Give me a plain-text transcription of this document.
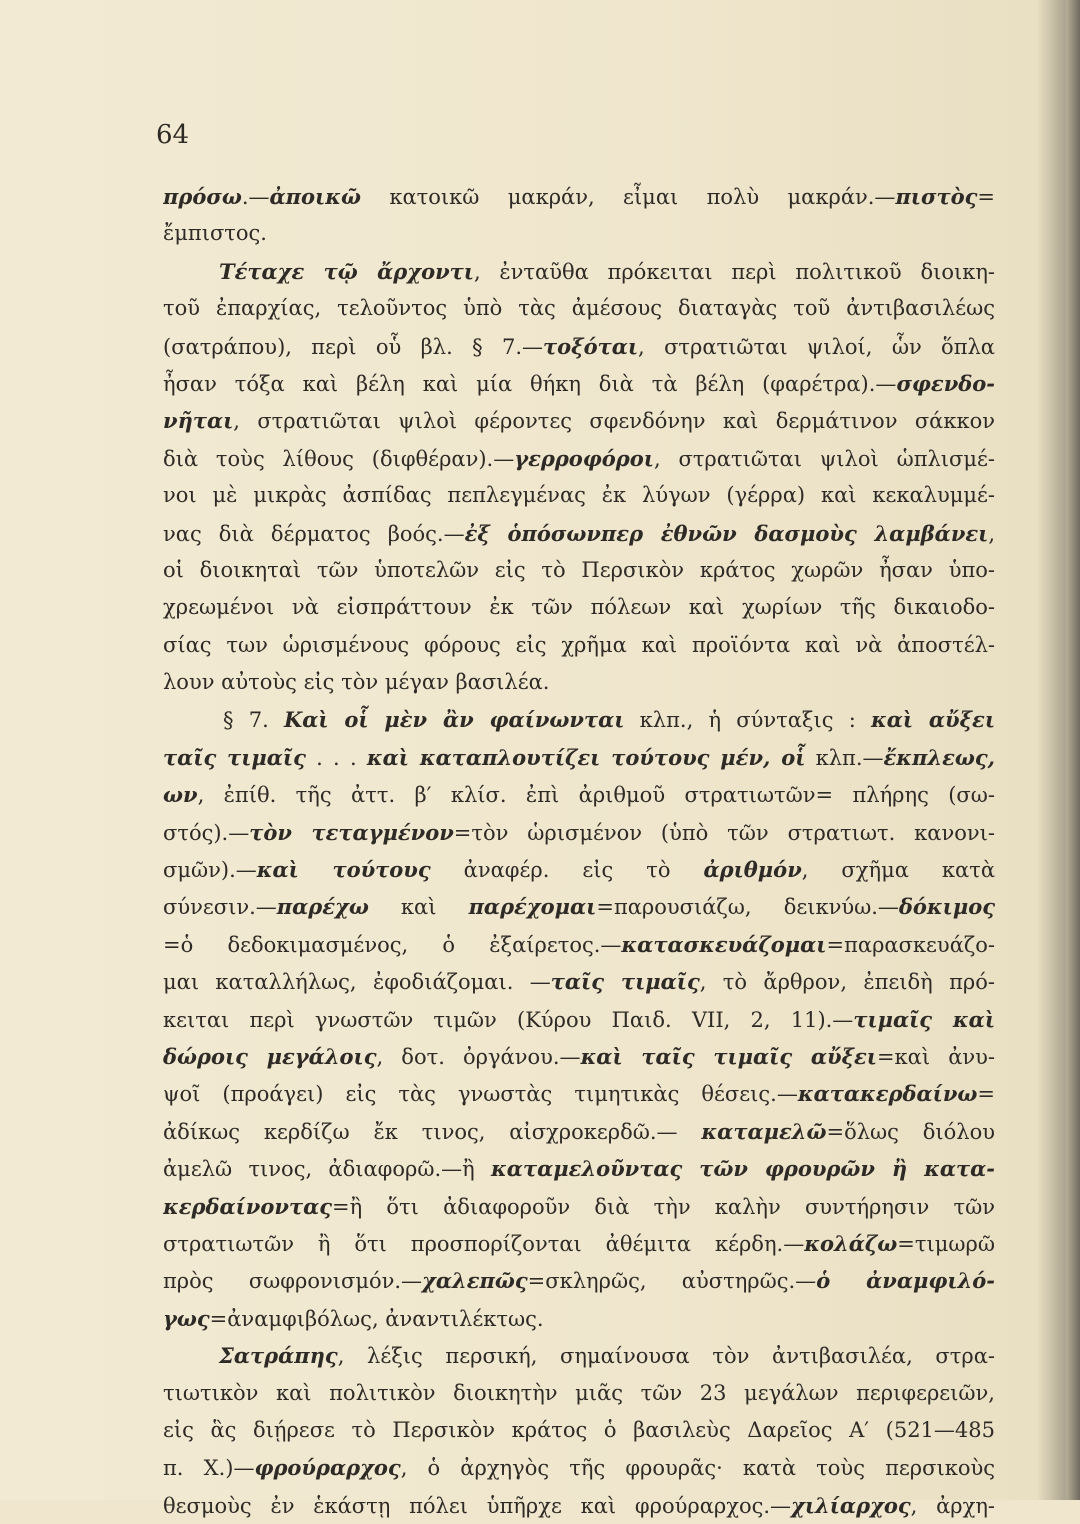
64
πρόσω.—ἀποικῶ κατοικῶ μακράν, εἶμαι πολὺ μακράν.—πιστὸς=
ἔμπιστος.
Τέταχε τῷ ἄρχοντι, ἐνταῦθα πρόκειται περὶ πολιτικοῦ διοικη-
τοῦ ἐπαρχίας, τελοῦντος ὑπὸ τὰς ἀμέσους διαταγὰς τοῦ ἀντιβασιλέως
(σατράπου), περὶ οὗ βλ. § 7.—τοξόται, στρατιῶται ψιλοί, ὧν ὅπλα
ἦσαν τόξα καὶ βέλη καὶ μία θήκη διὰ τὰ βέλη (φαρέτρα).—σφενδο-
νῆται, στρατιῶται ψιλοὶ φέροντες σφενδόνην καὶ δερμάτινον σάκκον
διὰ τοὺς λίθους (διφθέραν).—γερροφόροι, στρατιῶται ψιλοὶ ὡπλισμέ-
νοι μὲ μικρὰς ἀσπίδας πεπλεγμένας ἐκ λύγων (γέρρα) καὶ κεκαλυμμέ-
νας διὰ δέρματος βοός.—ἐξ ὁπόσωνπερ ἐθνῶν δασμοὺς λαμβάνει,
οἱ διοικηταὶ τῶν ὑποτελῶν εἰς τὸ Περσικὸν κράτος χωρῶν ἦσαν ὑπο-
χρεωμένοι νὰ εἰσπράττουν ἐκ τῶν πόλεων καὶ χωρίων τῆς δικαιοδο-
σίας των ὡρισμένους φόρους εἰς χρῆμα καὶ προϊόντα καὶ νὰ ἀποστέλ-
λουν αὐτοὺς εἰς τὸν μέγαν βασιλέα.
§ 7. Καὶ οἷ μὲν ἂν φαίνωνται κλπ., ἡ σύνταξις : καὶ αὔξει
ταῖς τιμαῖς . . . καὶ καταπλουτίζει τούτους μέν, οἷ κλπ.—ἔκπλεως,
ων, ἐπίθ. τῆς ἀττ. β′ κλίσ. ἐπὶ ἀριθμοῦ στρατιωτῶν= πλήρης (σω-
στός).—τὸν τεταγμένον=τὸν ὡρισμένον (ὑπὸ τῶν στρατιωτ. κανονι-
σμῶν).—καὶ τούτους ἀναφέρ. εἰς τὸ ἀριθμόν, σχῆμα κατὰ
σύνεσιν.—παρέχω καὶ παρέχομαι=παρουσιάζω, δεικνύω.—δόκιμος
=ὁ δεδοκιμασμένος, ὁ ἐξαίρετος.—κατασκευάζομαι=παρασκευάζο-
μαι καταλλήλως, ἐφοδιάζομαι. —ταῖς τιμαῖς, τὸ ἄρθρον, ἐπειδὴ πρό-
κειται περὶ γνωστῶν τιμῶν (Κύρου Παιδ. VII, 2, 11).—τιμαῖς καὶ
δώροις μεγάλοις, δοτ. ὀργάνου.—καὶ ταῖς τιμαῖς αὔξει=καὶ ἀνυ-
ψοῖ (προάγει) εἰς τὰς γνωστὰς τιμητικὰς θέσεις.—κατακερδαίνω=
ἀδίκως κερδίζω ἔκ τινος, αἰσχροκερδῶ.— καταμελῶ=ὅλως διόλου
ἀμελῶ τινος, ἀδιαφορῶ.—ἢ καταμελοῦντας τῶν φρουρῶν ἢ κατα-
κερδαίνοντας=ἢ ὅτι ἀδιαφοροῦν διὰ τὴν καλὴν συντήρησιν τῶν
στρατιωτῶν ἢ ὅτι προσπορίζονται ἀθέμιτα κέρδη.—κολάζω=τιμωρῶ
πρὸς σωφρονισμόν.—χαλεπῶς=σκληρῶς, αὐστηρῶς.—ὁ ἀναμφιλό-
γως=ἀναμφιβόλως, ἀναντιλέκτως.
Σατράπης, λέξις περσική, σημαίνουσα τὸν ἀντιβασιλέα, στρα-
τιωτικὸν καὶ πολιτικὸν διοικητὴν μιᾶς τῶν 23 μεγάλων περιφερειῶν,
εἰς ἃς διῄρεσε τὸ Περσικὸν κράτος ὁ βασιλεὺς Δαρεῖος Α′ (521—485
π. Χ.)—φρούραρχος, ὁ ἀρχηγὸς τῆς φρουρᾶς· κατὰ τοὺς περσικοὺς
θεσμοὺς ἐν ἑκάστῃ πόλει ὑπῆρχε καὶ φρούραρχος.—χιλίαρχος, ἀρχη-
